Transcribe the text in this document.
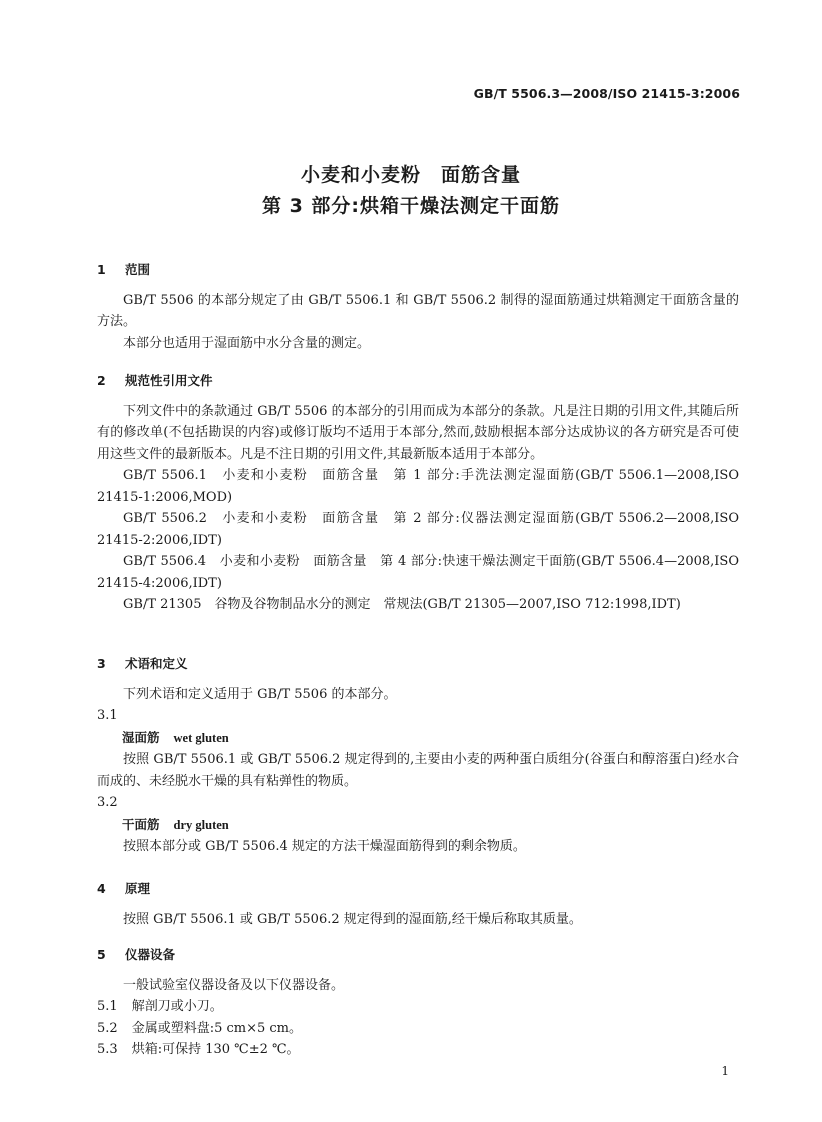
GB/T 5506.3—2008/ISO 21415-3:2006
小麦和小麦粉　面筋含量
第 3 部分:烘箱干燥法测定干面筋
1 范围
GB/T 5506 的本部分规定了由 GB/T 5506.1 和 GB/T 5506.2 制得的湿面筋通过烘箱测定干面筋含量的方法。
本部分也适用于湿面筋中水分含量的测定。
2 规范性引用文件
下列文件中的条款通过 GB/T 5506 的本部分的引用而成为本部分的条款。凡是注日期的引用文件,其随后所有的修改单(不包括勘误的内容)或修订版均不适用于本部分,然而,鼓励根据本部分达成协议的各方研究是否可使用这些文件的最新版本。凡是不注日期的引用文件,其最新版本适用于本部分。
GB/T 5506.1　小麦和小麦粉　面筋含量　第 1 部分:手洗法测定湿面筋(GB/T 5506.1—2008,ISO 21415-1:2006,MOD)
GB/T 5506.2　小麦和小麦粉　面筋含量　第 2 部分:仪器法测定湿面筋(GB/T 5506.2—2008,ISO 21415-2:2006,IDT)
GB/T 5506.4　小麦和小麦粉　面筋含量　第 4 部分:快速干燥法测定干面筋(GB/T 5506.4—2008,ISO 21415-4:2006,IDT)
GB/T 21305　谷物及谷物制品水分的测定　常规法(GB/T 21305—2007,ISO 712:1998,IDT)
3 术语和定义
下列术语和定义适用于 GB/T 5506 的本部分。
3.1
湿面筋 wet gluten
按照 GB/T 5506.1 或 GB/T 5506.2 规定得到的,主要由小麦的两种蛋白质组分(谷蛋白和醇溶蛋白)经水合而成的、未经脱水干燥的具有粘弹性的物质。
3.2
干面筋 dry gluten
按照本部分或 GB/T 5506.4 规定的方法干燥湿面筋得到的剩余物质。
4 原理
按照 GB/T 5506.1 或 GB/T 5506.2 规定得到的湿面筋,经干燥后称取其质量。
5 仪器设备
一般试验室仪器设备及以下仪器设备。
5.1 解剖刀或小刀。
5.2 金属或塑料盘:5 cm×5 cm。
5.3 烘箱:可保持 130 ℃±2 ℃。
1
